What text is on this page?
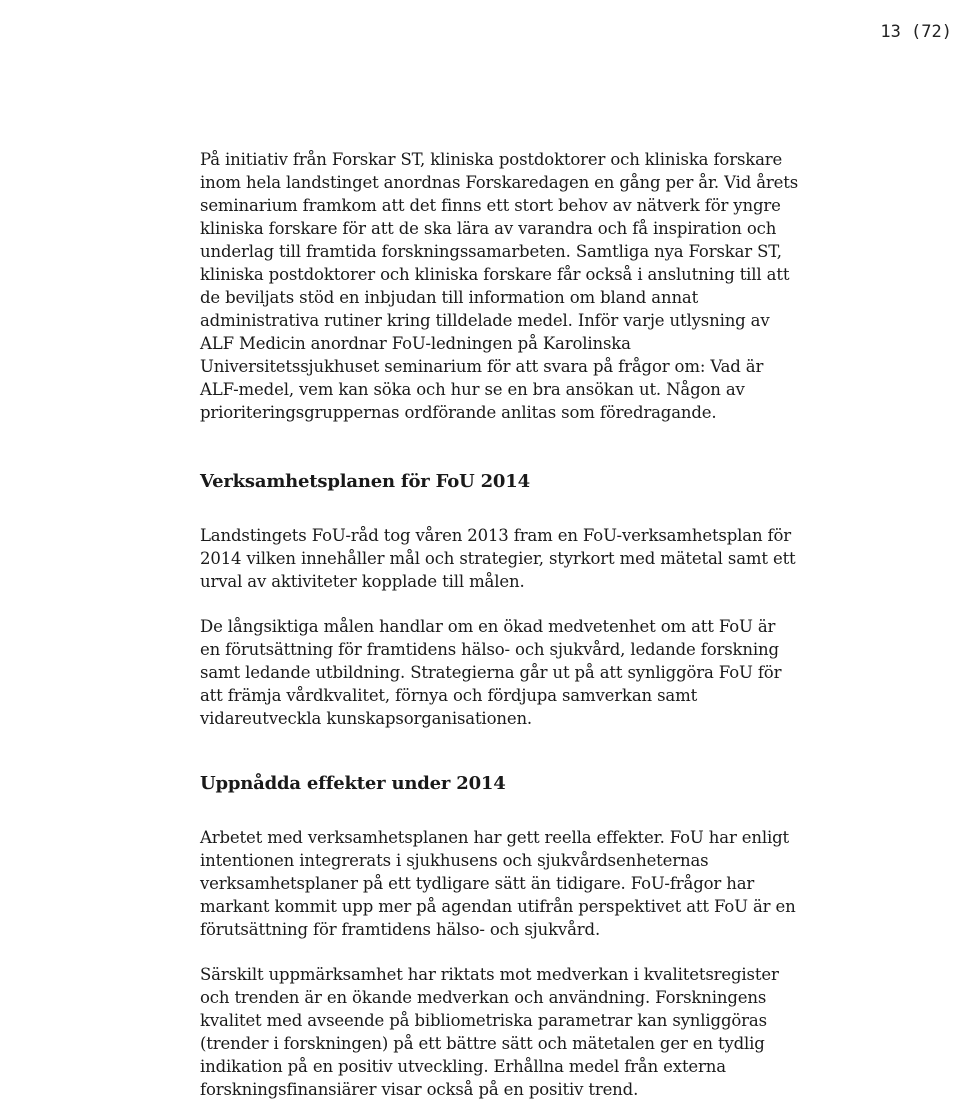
13 (72)

På initiativ från Forskar ST, kliniska postdoktorer och kliniska forskare inom hela landstinget anordnas Forskaredagen en gång per år. Vid årets seminarium framkom att det finns ett stort behov av nätverk för yngre kliniska forskare för att de ska lära av varandra och få inspiration och underlag till framtida forskningssamarbeten. Samtliga nya Forskar ST, kliniska postdoktorer och kliniska forskare får också i anslutning till att de beviljats stöd en inbjudan till information om bland annat administrativa rutiner kring tilldelade medel. Inför varje utlysning av ALF Medicin anordnar FoU-ledningen på Karolinska Universitetssjukhuset seminarium för att svara på frågor om: Vad är ALF-medel, vem kan söka och hur se en bra ansökan ut. Någon av prioriteringsgruppernas ordförande anlitas som föredragande.

Verksamhetsplanen för FoU 2014

Landstingets FoU-råd tog våren 2013 fram en FoU-verksamhetsplan för 2014 vilken innehåller mål och strategier, styrkort med mätetal samt ett urval av aktiviteter kopplade till målen.

De långsiktiga målen handlar om en ökad medvetenhet om att FoU är en förutsättning för framtidens hälso- och sjukvård, ledande forskning samt ledande utbildning. Strategierna går ut på att synliggöra FoU för att främja vårdkvalitet, förnya och fördjupa samverkan samt vidareutveckla kunskapsorganisationen.

Uppnådda effekter under 2014

Arbetet med verksamhetsplanen har gett reella effekter. FoU har enligt intentionen integrerats i sjukhusens och sjukvårdsenheternas verksamhetsplaner på ett tydligare sätt än tidigare. FoU-frågor har markant kommit upp mer på agendan utifrån perspektivet att FoU är en förutsättning för framtidens hälso- och sjukvård.

Särskilt uppmärksamhet har riktats mot medverkan i kvalitetsregister och trenden är en ökande medverkan och användning. Forskningens kvalitet med avseende på bibliometriska parametrar kan synliggöras (trender i forskningen) på ett bättre sätt och mätetalen ger en tydlig indikation på en positiv utveckling. Erhållna medel från externa forskningsfinansiärer visar också på en positiv trend.
